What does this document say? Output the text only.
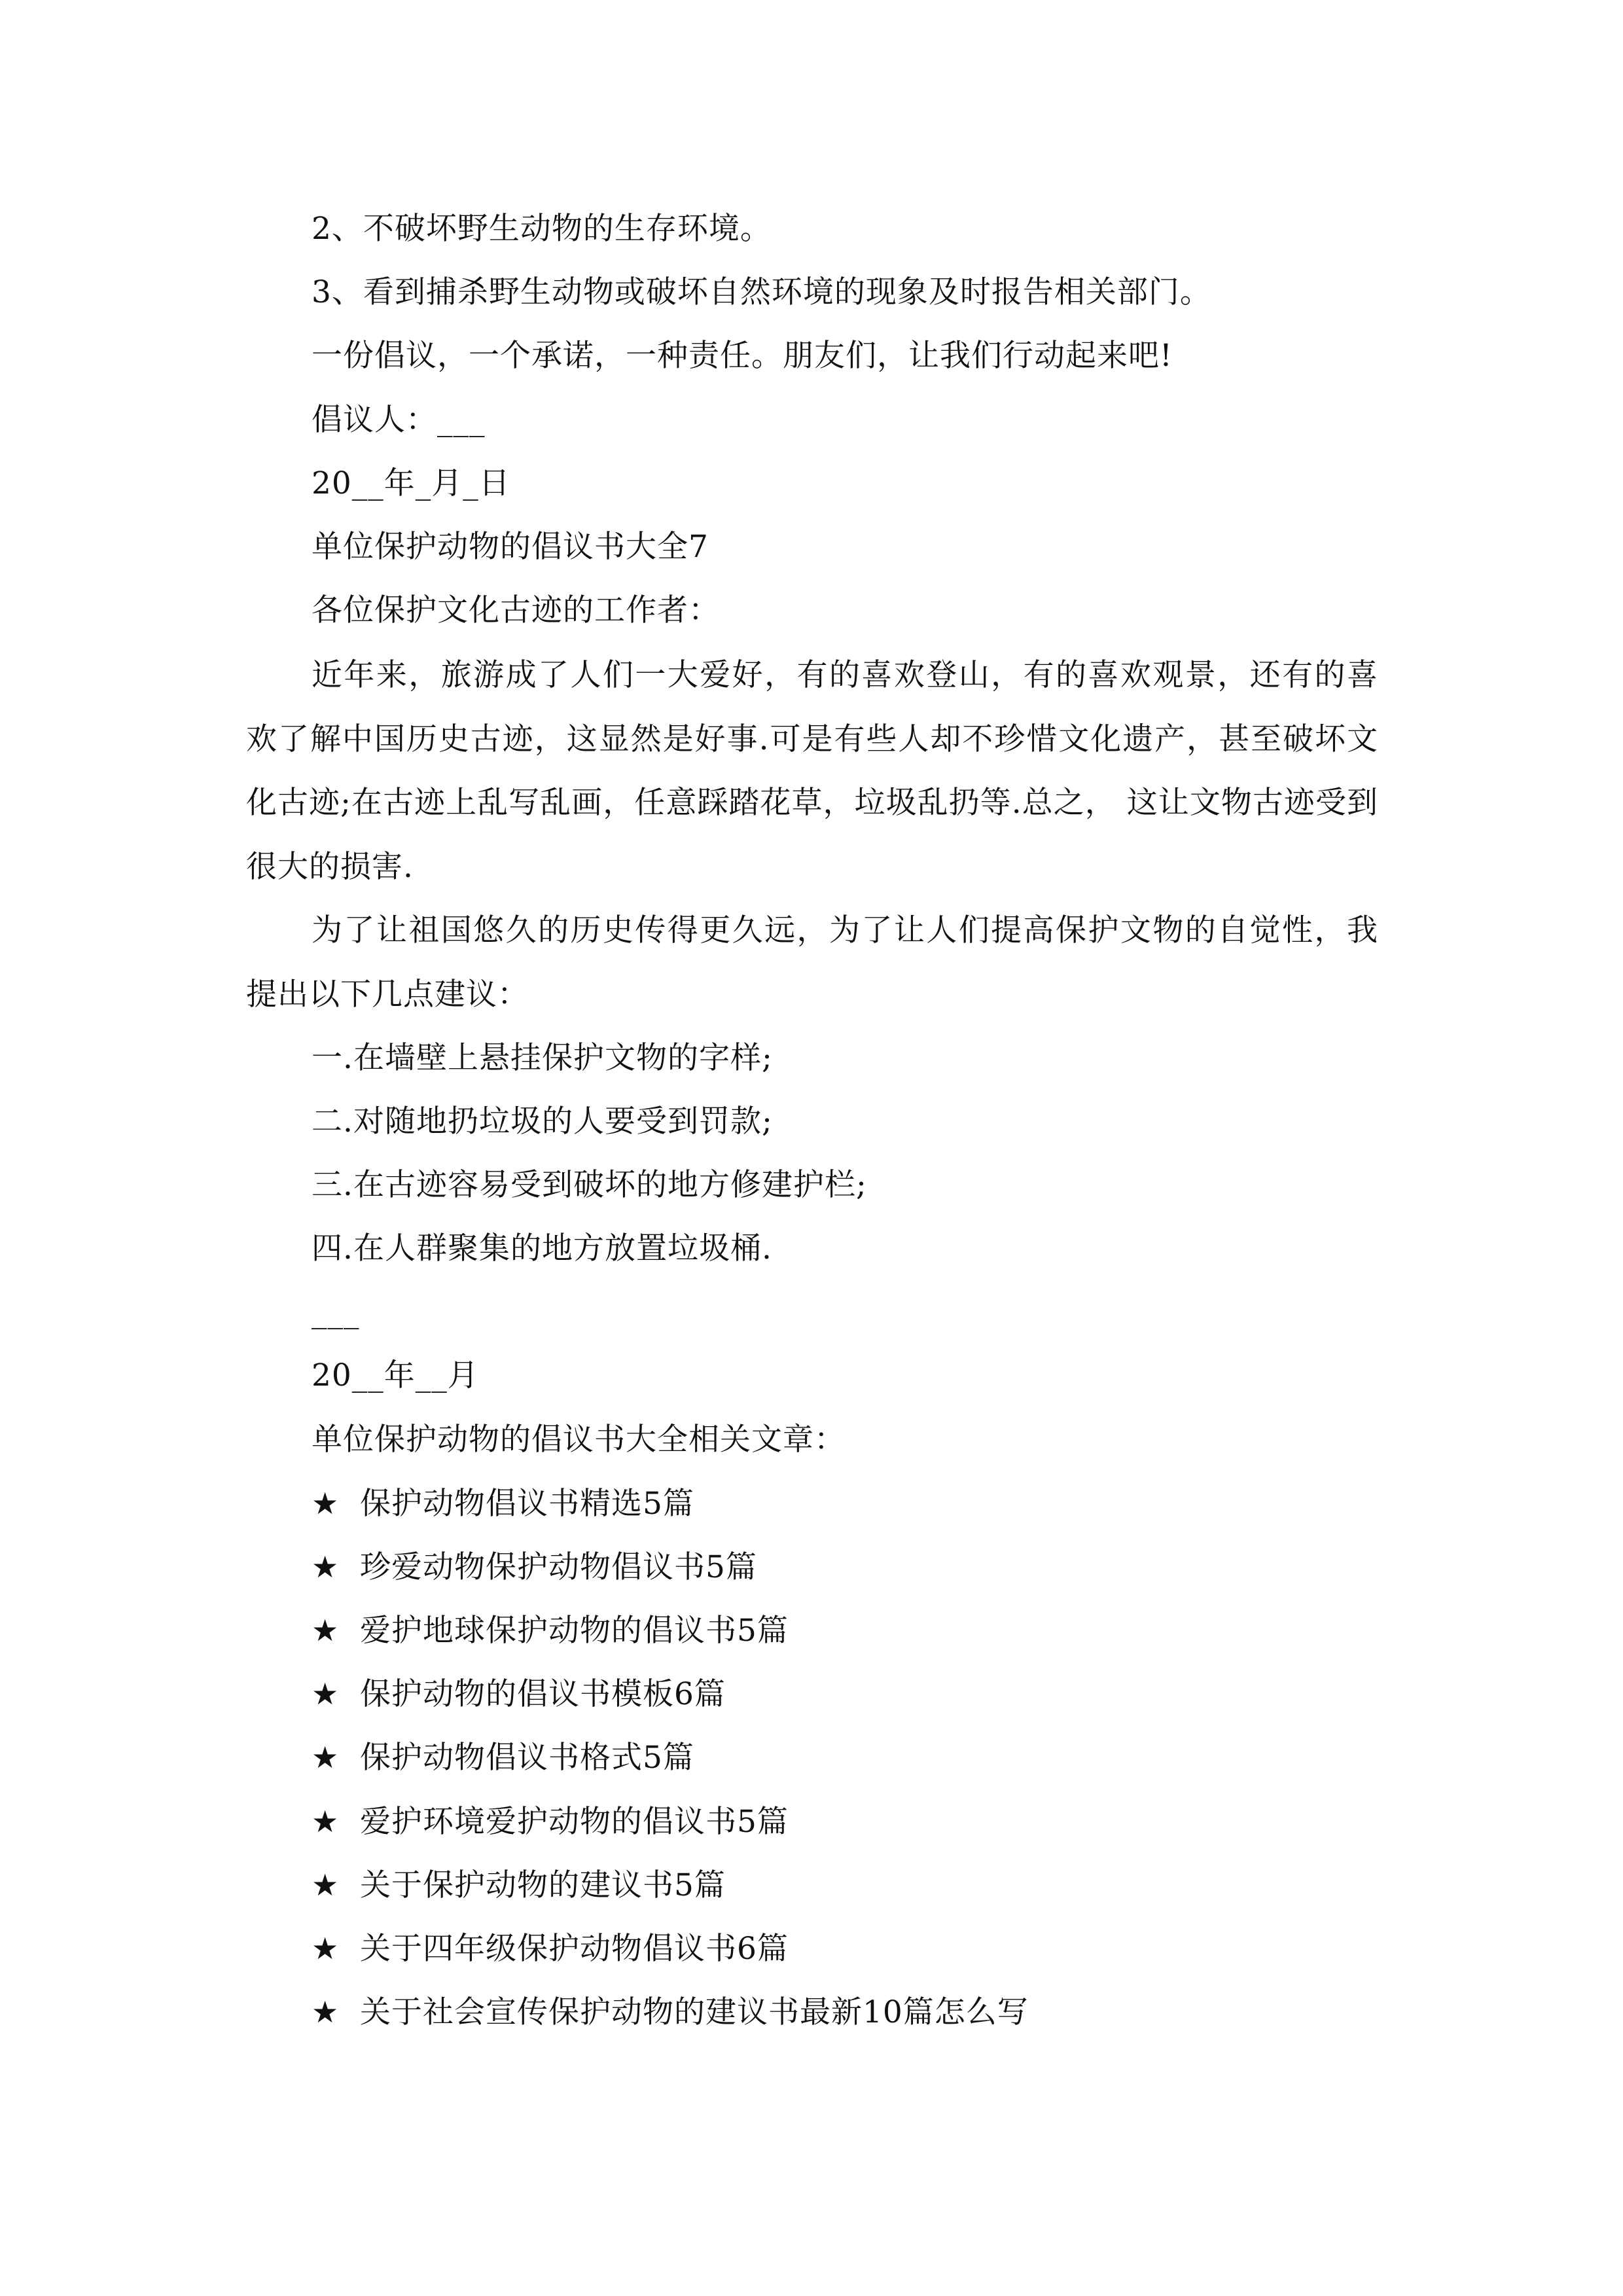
2、不破坏野生动物的生存环境。
3、看到捕杀野生动物或破坏自然环境的现象及时报告相关部门。
一份倡议，一个承诺，一种责任。朋友们，让我们行动起来吧!
倡议人：___
20__年_月_日
单位保护动物的倡议书大全7
各位保护文化古迹的工作者：
近年来，旅游成了人们一大爱好，有的喜欢登山，有的喜欢观景，还有的喜欢了解中国历史古迹，这显然是好事.可是有些人却不珍惜文化遗产，甚至破坏文化古迹;在古迹上乱写乱画，任意踩踏花草，垃圾乱扔等.总之， 这让文物古迹受到很大的损害.
为了让祖国悠久的历史传得更久远，为了让人们提高保护文物的自觉性，我提出以下几点建议：
一.在墙壁上悬挂保护文物的字样;
二.对随地扔垃圾的人要受到罚款;
三.在古迹容易受到破坏的地方修建护栏;
四.在人群聚集的地方放置垃圾桶.
___
20__年__月
单位保护动物的倡议书大全相关文章：
★ 保护动物倡议书精选5篇
★ 珍爱动物保护动物倡议书5篇
★ 爱护地球保护动物的倡议书5篇
★ 保护动物的倡议书模板6篇
★ 保护动物倡议书格式5篇
★ 爱护环境爱护动物的倡议书5篇
★ 关于保护动物的建议书5篇
★ 关于四年级保护动物倡议书6篇
★ 关于社会宣传保护动物的建议书最新10篇怎么写
